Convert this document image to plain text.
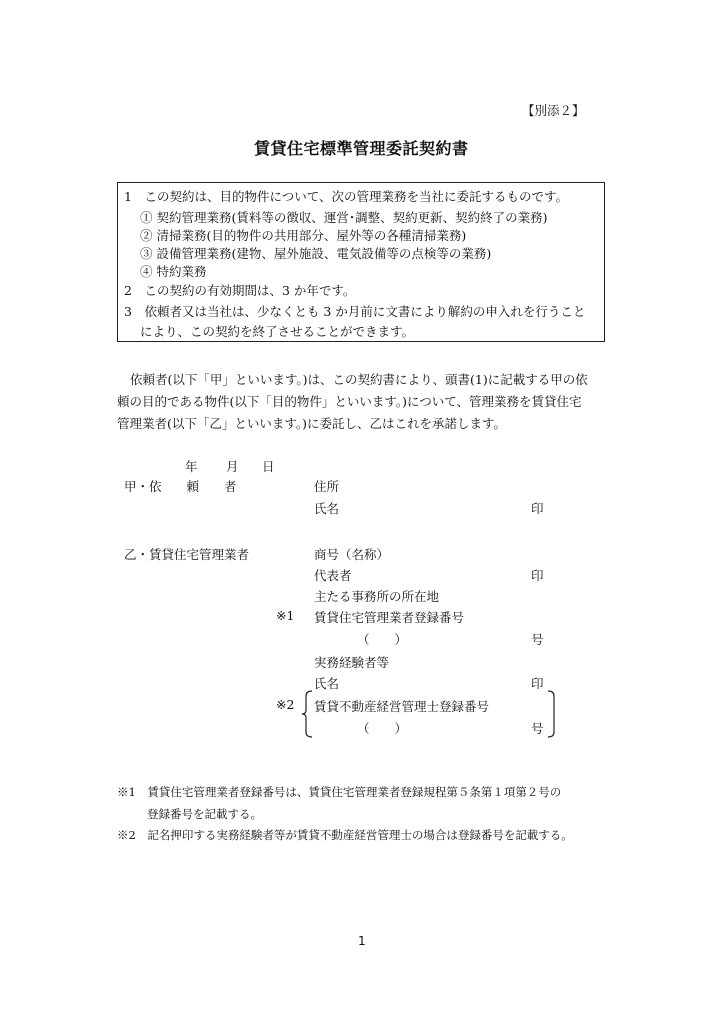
【別添２】
賃貸住宅標準管理委託契約書
1　この契約は、目的物件について、次の管理業務を当社に委託するものです。
① 契約管理業務(賃料等の徴収、運営･調整、契約更新、契約終了の業務)
② 清掃業務(目的物件の共用部分、屋外等の各種清掃業務)
③ 設備管理業務(建物、屋外施設、電気設備等の点検等の業務)
④ 特約業務
2　この契約の有効期間は、3 か年です。
3　依頼者又は当社は、少なくとも 3 か月前に文書により解約の申入れを行うこと
により、この契約を終了させることができます。
依頼者(以下「甲」といいます。)は、この契約書により、頭書(1)に記載する甲の依
頼の目的である物件(以下「目的物件」といいます。)について、管理業務を賃貸住宅
管理業者(以下「乙」といいます。)に委託し、乙はこれを承諾します。
年 月 日
甲・依　　頼　　者	住所
氏名	印
乙・賃貸住宅管理業者	商号（名称）
代表者	印
主たる事務所の所在地
※1 賃貸住宅管理業者登録番号
（　　）	号
実務経験者等
氏名	印
※2 賃貸不動産経営管理士登録番号
（　　）	号
※1　賃貸住宅管理業者登録番号は、賃貸住宅管理業者登録規程第５条第１項第２号の
登録番号を記載する。
※2　記名押印する実務経験者等が賃貸不動産経営管理士の場合は登録番号を記載する。
1
